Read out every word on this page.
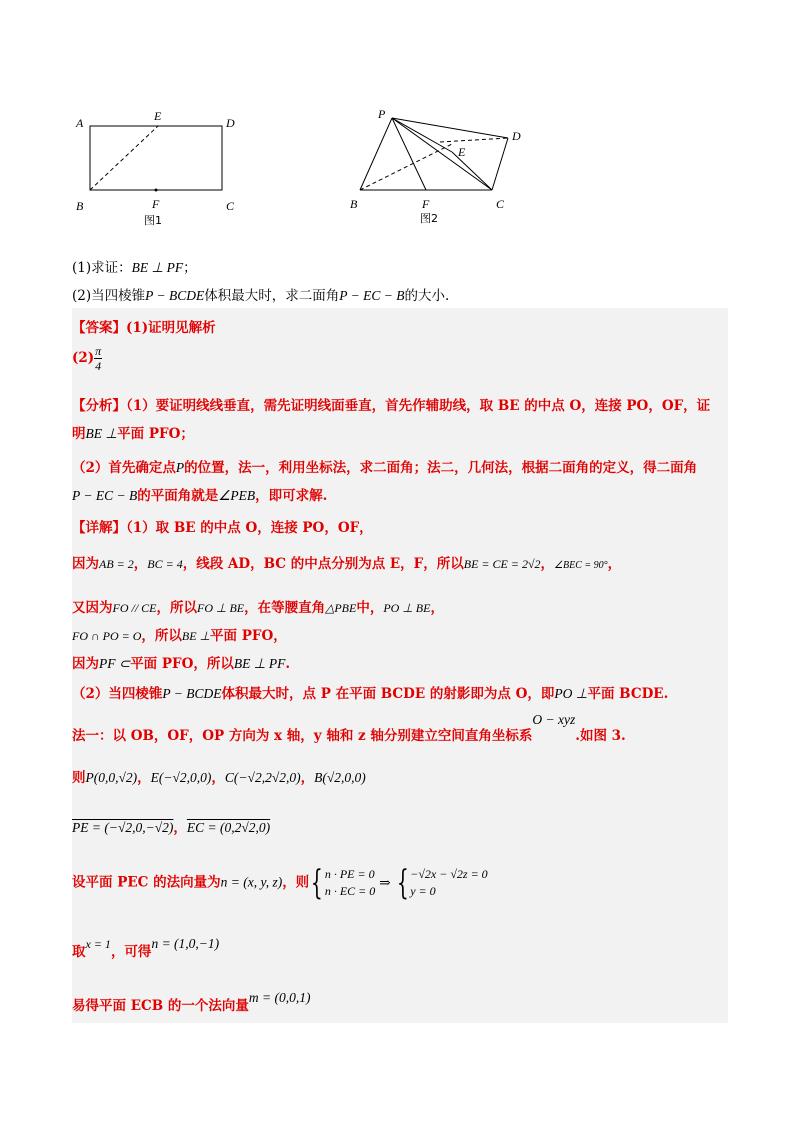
A	E	D
B	F	C
图1
P
D
E
B	F	C
图2
(1)求证：BE ⊥ PF；
(2)当四棱锥P − BCDE体积最大时，求二面角P − EC − B的大小.
【答案】(1)证明见解析
$(2) \frac{\pi}{4}$
【分析】（1）要证明线线垂直，需先证明线面垂直，首先作辅助线，取 BE 的中点 O，连接 PO，OF，证
明BE ⊥平面 PFO；
（2）首先确定点P的位置，法一，利用坐标法，求二面角；法二，几何法，根据二面角的定义，得二面角
P − EC − B的平面角就是∠PEB，即可求解.
【详解】（1）取 BE 的中点 O，连接 PO，OF，
因为AB = 2，BC = 4，线段 AD，BC 的中点分别为点 E，F，所以BE = CE = 2√2，∠BEC = 90°，
又因为FO // CE，所以FO ⊥ BE，在等腰直角△PBE中，PO ⊥ BE，
FO ∩ PO = O，所以BE ⊥平面 PFO，
因为PF ⊂平面 PFO，所以BE ⊥ PF.
（2）当四棱锥P − BCDE体积最大时，点 P 在平面 BCDE 的射影即为点 O，即PO ⊥平面 BCDE.
法一：以 OB，OF，OP 方向为 x 轴，y 轴和 z 轴分别建立空间直角坐标系O − xyz.如图 3.
则P(0,0,√2)，E(−√2,0,0)，C(−√2,2√2,0)，B(√2,0,0)
PE = (−√2,0,−√2)，EC = (0,2√2,0)
设平面 PEC 的法向量为n = (x, y, z)，则{ n · PE = 0
n · EC = 0 ⇒ { −√2x − √2z = 0
y = 0
取x = 1，可得n = (1,0,−1)
易得平面 ECB 的一个法向量m = (0,0,1)
